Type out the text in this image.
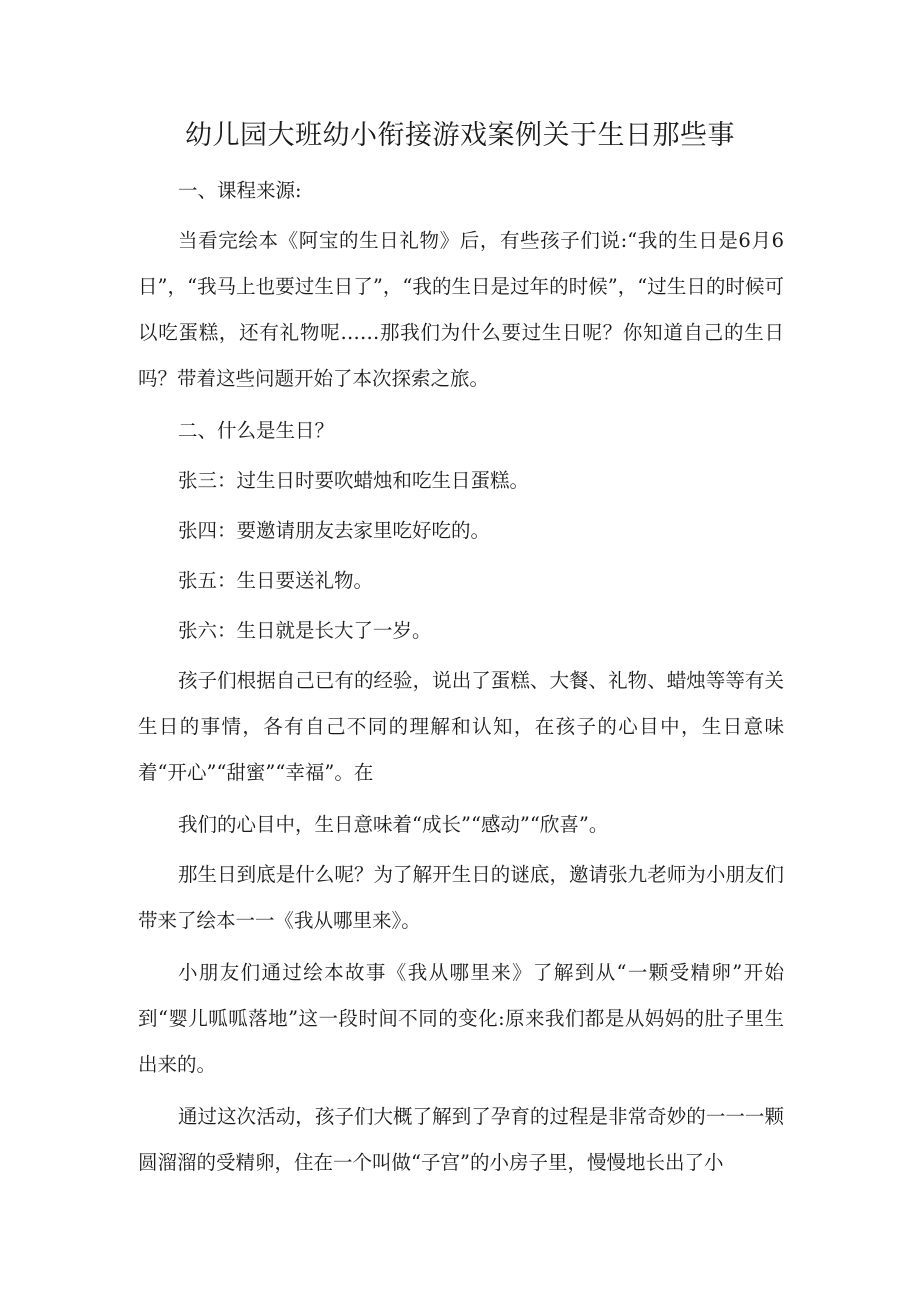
幼儿园大班幼小衔接游戏案例关于生日那些事

一、课程来源:

当看完绘本《阿宝的生日礼物》后，有些孩子们说:“我的生日是6月6日”，“我马上也要过生日了”，“我的生日是过年的时候”，“过生日的时候可以吃蛋糕，还有礼物呢……那我们为什么要过生日呢？你知道自己的生日吗？带着这些问题开始了本次探索之旅。

二、什么是生日？

张三：过生日时要吹蜡烛和吃生日蛋糕。

张四：要邀请朋友去家里吃好吃的。

张五：生日要送礼物。

张六：生日就是长大了一岁。

孩子们根据自己已有的经验，说出了蛋糕、大餐、礼物、蜡烛等等有关生日的事情，各有自己不同的理解和认知，在孩子的心目中，生日意味着“开心”“甜蜜”“幸福”。在

我们的心目中，生日意味着“成长”“感动”“欣喜”。

那生日到底是什么呢？为了解开生日的谜底，邀请张九老师为小朋友们带来了绘本一一《我从哪里来》。

小朋友们通过绘本故事《我从哪里来》了解到从“一颗受精卵”开始到“婴儿呱呱落地”这一段时间不同的变化:原来我们都是从妈妈的肚子里生出来的。

通过这次活动，孩子们大概了解到了孕育的过程是非常奇妙的一一一颗圆溜溜的受精卵，住在一个叫做“子宫”的小房子里，慢慢地长出了小
